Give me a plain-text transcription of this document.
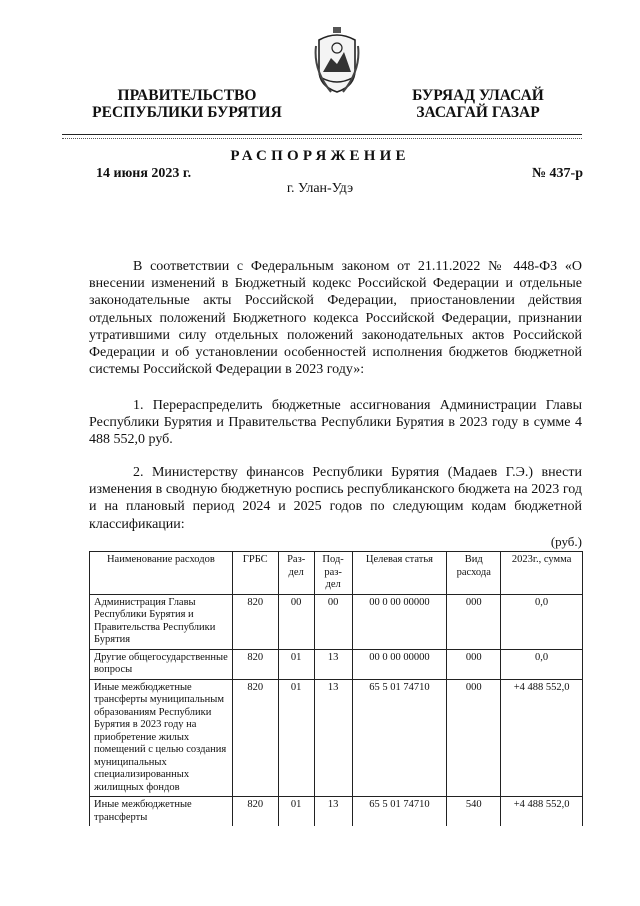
ПРАВИТЕЛЬСТВО
РЕСПУБЛИКИ БУРЯТИЯ
БУРЯАД УЛАСАЙ
ЗАСАГАЙ ГАЗАР
РАСПОРЯЖЕНИЕ
14 июня 2023 г.	№ 437-р
г. Улан-Удэ
В соответствии с Федеральным законом от 21.11.2022 № 448-ФЗ «О внесении изменений в Бюджетный кодекс Российской Федерации и отдельные законодательные акты Российской Федерации, приостановлении действия отдельных положений Бюджетного кодекса Российской Федерации, признании утратившими силу отдельных положений законодательных актов Российской Федерации и об установлении особенностей исполнения бюджетов бюджетной системы Российской Федерации в 2023 году»:
1. Перераспределить бюджетные ассигнования Администрации Главы Республики Бурятия и Правительства Республики Бурятия в 2023 году в сумме 4 488 552,0 руб.
2. Министерству финансов Республики Бурятия (Мадаев Г.Э.) внести изменения в сводную бюджетную роспись республиканского бюджета на 2023 год и на плановый период 2024 и 2025 годов по следующим кодам бюджетной классификации:
(руб.)
Наименование расходов	ГРБС	Раз-дел	Под-раз-дел	Целевая статья	Вид расхода	2023г., сумма
Администрация Главы Республики Бурятия и Правительства Республики Бурятия	820	00	00	00 0 00 00000	000	0,0
Другие общегосударственные вопросы	820	01	13	00 0 00 00000	000	0,0
Иные межбюджетные трансферты муниципальным образованиям Республики Бурятия в 2023 году на приобретение жилых помещений с целью создания муниципальных специализированных жилищных фондов	820	01	13	65 5 01 74710	000	+4 488 552,0
Иные межбюджетные трансферты	820	01	13	65 5 01 74710	540	+4 488 552,0
